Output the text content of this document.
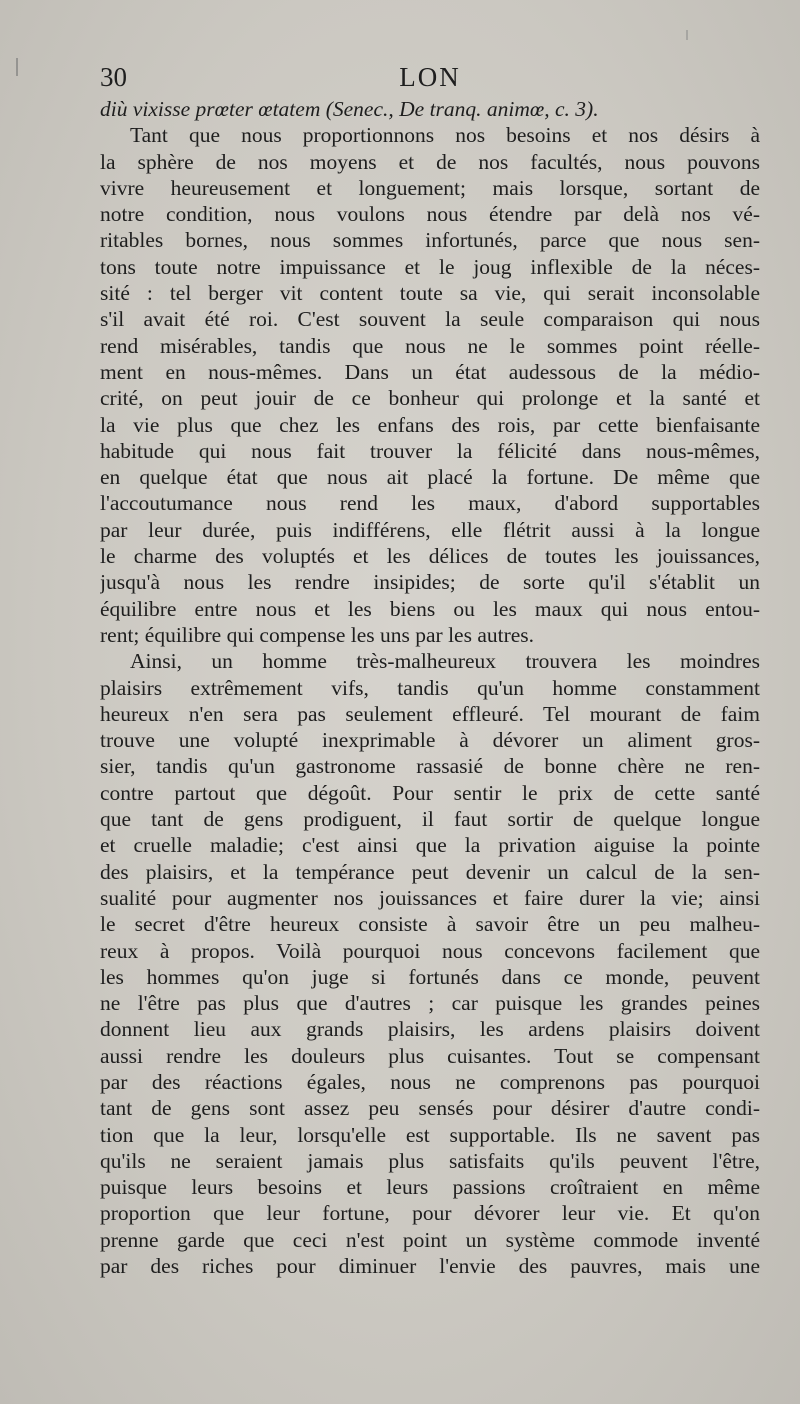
30	LON
diù vixisse prœter œtatem (Senec., De tranq. animœ, c. 3).
Tant que nous proportionnons nos besoins et nos désirs à
la sphère de nos moyens et de nos facultés, nous pouvons
vivre heureusement et longuement; mais lorsque, sortant de
notre condition, nous voulons nous étendre par delà nos vé-
ritables bornes, nous sommes infortunés, parce que nous sen-
tons toute notre impuissance et le joug inflexible de la néces-
sité : tel berger vit content toute sa vie, qui serait inconsolable
s'il avait été roi. C'est souvent la seule comparaison qui nous
rend misérables, tandis que nous ne le sommes point réelle-
ment en nous-mêmes. Dans un état audessous de la médio-
crité, on peut jouir de ce bonheur qui prolonge et la santé et
la vie plus que chez les enfans des rois, par cette bienfaisante
habitude qui nous fait trouver la félicité dans nous-mêmes,
en quelque état que nous ait placé la fortune. De même que
l'accoutumance nous rend les maux, d'abord supportables
par leur durée, puis indifférens, elle flétrit aussi à la longue
le charme des voluptés et les délices de toutes les jouissances,
jusqu'à nous les rendre insipides; de sorte qu'il s'établit un
équilibre entre nous et les biens ou les maux qui nous entou-
rent; équilibre qui compense les uns par les autres.
Ainsi, un homme très-malheureux trouvera les moindres
plaisirs extrêmement vifs, tandis qu'un homme constamment
heureux n'en sera pas seulement effleuré. Tel mourant de faim
trouve une volupté inexprimable à dévorer un aliment gros-
sier, tandis qu'un gastronome rassasié de bonne chère ne ren-
contre partout que dégoût. Pour sentir le prix de cette santé
que tant de gens prodiguent, il faut sortir de quelque longue
et cruelle maladie; c'est ainsi que la privation aiguise la pointe
des plaisirs, et la tempérance peut devenir un calcul de la sen-
sualité pour augmenter nos jouissances et faire durer la vie; ainsi
le secret d'être heureux consiste à savoir être un peu malheu-
reux à propos. Voilà pourquoi nous concevons facilement que
les hommes qu'on juge si fortunés dans ce monde, peuvent
ne l'être pas plus que d'autres ; car puisque les grandes peines
donnent lieu aux grands plaisirs, les ardens plaisirs doivent
aussi rendre les douleurs plus cuisantes. Tout se compensant
par des réactions égales, nous ne comprenons pas pourquoi
tant de gens sont assez peu sensés pour désirer d'autre condi-
tion que la leur, lorsqu'elle est supportable. Ils ne savent pas
qu'ils ne seraient jamais plus satisfaits qu'ils peuvent l'être,
puisque leurs besoins et leurs passions croîtraient en même
proportion que leur fortune, pour dévorer leur vie. Et qu'on
prenne garde que ceci n'est point un système commode inventé
par des riches pour diminuer l'envie des pauvres, mais une
